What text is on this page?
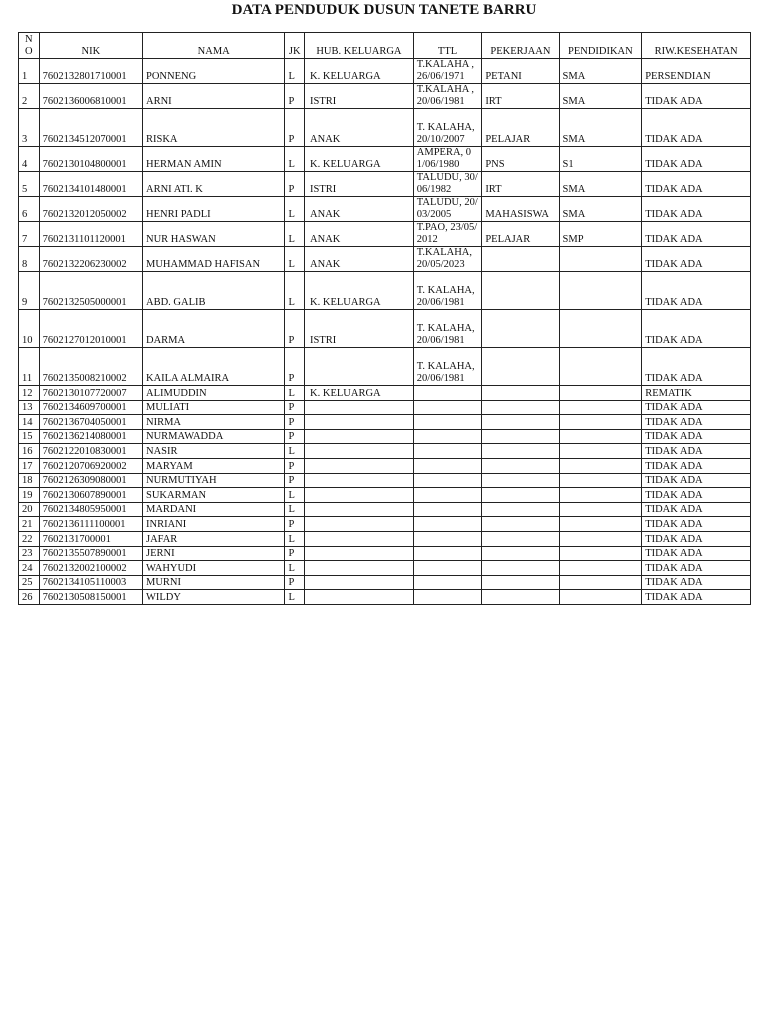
DATA PENDUDUK DUSUN TANETE BARRU
N O	NIK	NAMA	JK	HUB. KELUARGA	TTL	PEKERJAAN	PENDIDIKAN	RIW.KESEHATAN
1	7602132801710001	PONNENG	L	K. KELUARGA	T.KALAHA , 26/06/1971	PETANI	SMA	PERSENDIAN
2	7602136006810001	ARNI	P	ISTRI	T.KALAHA , 20/06/1981	IRT	SMA	TIDAK ADA
3	7602134512070001	RISKA	P	ANAK	T. KALAHA, 20/10/2007	PELAJAR	SMA	TIDAK ADA
4	7602130104800001	HERMAN AMIN	L	K. KELUARGA	AMPERA, 01/06/1980	PNS	S1	TIDAK ADA
5	7602134101480001	ARNI ATI. K	P	ISTRI	TALUDU, 30/06/1982	IRT	SMA	TIDAK ADA
6	7602132012050002	HENRI PADLI	L	ANAK	TALUDU, 20/03/2005	MAHASISWA	SMA	TIDAK ADA
7	7602131101120001	NUR HASWAN	L	ANAK	T.PAO, 23/05/2012	PELAJAR	SMP	TIDAK ADA
8	7602132206230002	MUHAMMAD HAFISAN	L	ANAK	T.KALAHA, 20/05/2023			TIDAK ADA
9	7602132505000001	ABD. GALIB	L	K. KELUARGA	T. KALAHA, 20/06/1981			TIDAK ADA
10	7602127012010001	DARMA	P	ISTRI	T. KALAHA, 20/06/1981			TIDAK ADA
11	7602135008210002	KAILA ALMAIRA	P		T. KALAHA, 20/06/1981			TIDAK ADA
12	7602130107720007	ALIMUDDIN	L	K. KELUARGA				REMATIK
13	7602134609700001	MULIATI	P					TIDAK ADA
14	7602136704050001	NIRMA	P					TIDAK ADA
15	7602136214080001	NURMAWADDA	P					TIDAK ADA
16	7602122010830001	NASIR	L					TIDAK ADA
17	7602120706920002	MARYAM	P					TIDAK ADA
18	7602126309080001	NURMUTIYAH	P					TIDAK ADA
19	7602130607890001	SUKARMAN	L					TIDAK ADA
20	7602134805950001	MARDANI	L					TIDAK ADA
21	7602136111100001	INRIANI	P					TIDAK ADA
22	7602131700001	JAFAR	L					TIDAK ADA
23	7602135507890001	JERNI	P					TIDAK ADA
24	7602132002100002	WAHYUDI	L					TIDAK ADA
25	7602134105110003	MURNI	P					TIDAK ADA
26	7602130508150001	WILDY	L					TIDAK ADA
